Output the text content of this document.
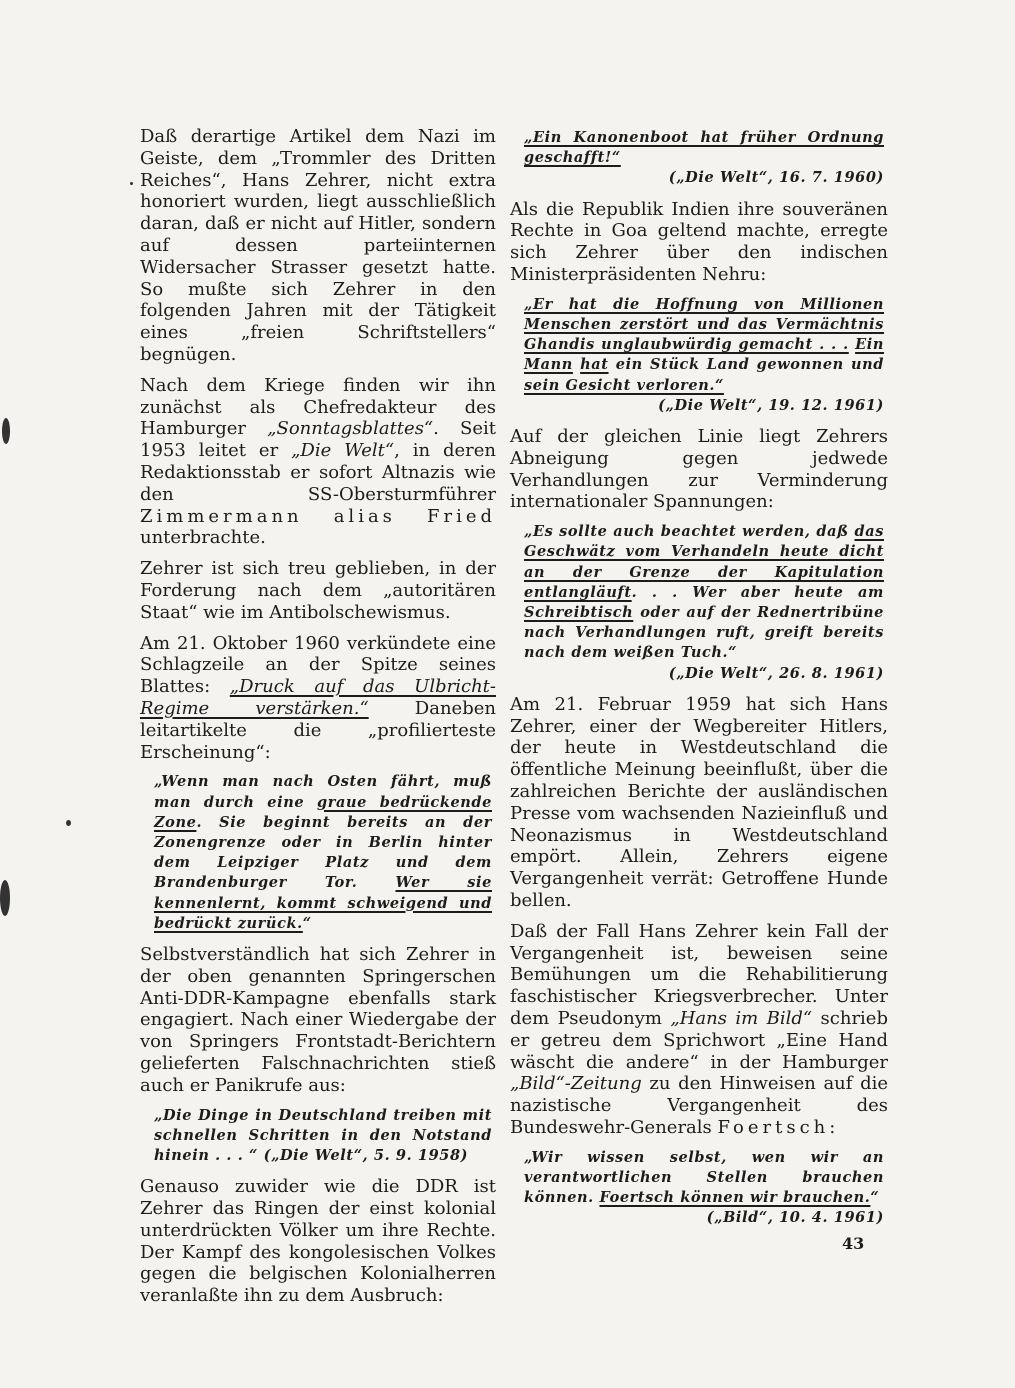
Daß derartige Artikel dem Nazi im Geiste, dem „Trommler des Dritten Reiches“, Hans Zehrer, nicht extra honoriert wurden, liegt ausschließlich daran, daß er nicht auf Hitler, sondern auf dessen parteiinternen Widersacher Strasser gesetzt hatte. So mußte sich Zehrer in den folgenden Jahren mit der Tätigkeit eines „freien Schriftstellers“ begnügen.

Nach dem Kriege finden wir ihn zunächst als Chefredakteur des Hamburger „Sonntagsblattes“. Seit 1953 leitet er „Die Welt“, in deren Redaktionsstab er sofort Altnazis wie den SS-Obersturmführer Zimmermann alias Fried unterbrachte.

Zehrer ist sich treu geblieben, in der Forderung nach dem „autoritären Staat“ wie im Antibolschewismus.

Am 21. Oktober 1960 verkündete eine Schlagzeile an der Spitze seines Blattes: „Druck auf das Ulbricht-Regime verstärken.“	Daneben leitartikelte die „profilierteste Erscheinung“:

„Wenn man nach Osten fährt, muß man durch eine graue bedrückende Zone. Sie beginnt bereits an der Zonengrenze oder in Berlin hinter dem Leipziger Platz und dem Brandenburger Tor.	Wer sie kennenlernt, kommt schweigend und bedrückt zurück.“

Selbstverständlich hat sich Zehrer in der oben genannten Springerschen Anti-DDR-Kampagne ebenfalls stark engagiert. Nach einer Wiedergabe der von Springers Frontstadt-Berichtern gelieferten Falschnachrichten stieß auch er Panikrufe aus:

„Die Dinge in Deutschland treiben mit schnellen Schritten in den Notstand hinein . . . “ („Die Welt“, 5. 9. 1958)

Genauso zuwider wie die DDR ist Zehrer das Ringen der einst kolonial unterdrückten Völker um ihre Rechte. Der Kampf des kongolesischen Volkes gegen die belgischen Kolonialherren veranlaßte ihn zu dem Ausbruch:

„Ein Kanonenboot hat früher Ordnung geschafft!“
(„Die Welt“, 16. 7. 1960)

Als die Republik Indien ihre souveränen Rechte in Goa geltend machte, erregte sich Zehrer über den indischen Ministerpräsidenten Nehru:

„Er hat die Hoffnung von Millionen Menschen zerstört und das Vermächtnis Ghandis unglaubwürdig gemacht . . . Ein Mann hat ein Stück Land gewonnen und sein Gesicht verloren.“
(„Die Welt“, 19. 12. 1961)

Auf der gleichen Linie liegt Zehrers Abneigung gegen jedwede Verhandlungen zur Verminderung internationaler Spannungen:

„Es sollte auch beachtet werden, daß das Geschwätz vom Verhandeln heute dicht an der Grenze der Kapitulation entlangläuft. . . Wer aber heute am Schreibtisch oder auf der Rednertribüne nach Verhandlungen ruft, greift bereits nach dem weißen Tuch.“
(„Die Welt“, 26. 8. 1961)

Am 21. Februar 1959 hat sich Hans Zehrer, einer der Wegbereiter Hitlers, der heute in Westdeutschland die öffentliche Meinung beeinflußt, über die zahlreichen Berichte der ausländischen Presse vom wachsenden Nazieinfluß und Neonazismus in Westdeutschland empört. Allein, Zehrers eigene Vergangenheit verrät: Getroffene Hunde bellen.

Daß der Fall Hans Zehrer kein Fall der Vergangenheit ist, beweisen seine Bemühungen um die Rehabilitierung faschistischer Kriegsverbrecher. Unter dem Pseudonym „Hans im Bild“ schrieb er getreu dem Sprichwort „Eine Hand wäscht die andere“ in der Hamburger „Bild“-Zeitung zu den Hinweisen auf die nazistische Vergangenheit des Bundeswehr-Generals Foertsch:

„Wir wissen selbst, wen wir an verantwortlichen Stellen brauchen können. Foertsch können wir brauchen.“
(„Bild“, 10. 4. 1961)
43
